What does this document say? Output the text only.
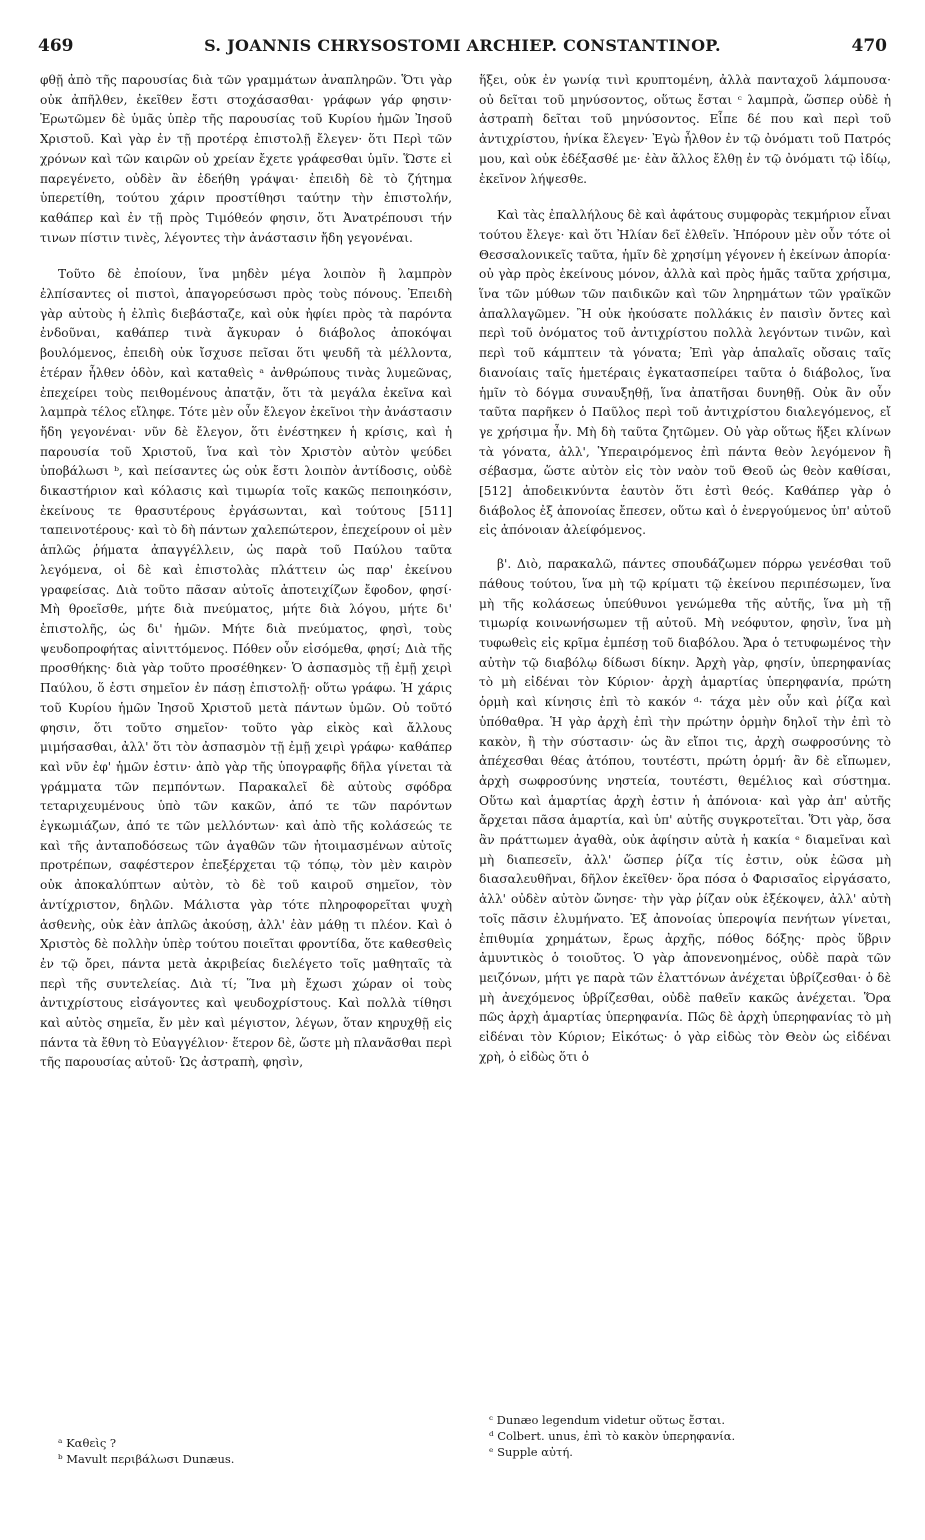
469	S. JOANNIS CHRYSOSTOMI ARCHIEP. CONSTANTINOP.	470

φθῇ ἀπὸ τῆς παρουσίας διὰ τῶν γραμμάτων ἀναπληρῶν. Ὅτι γὰρ οὐκ ἀπῆλθεν, ἐκεῖθεν ἔστι στοχάσασθαι· γράφων γάρ φησιν· Ἐρωτῶμεν δὲ ὑμᾶς ὑπὲρ τῆς παρουσίας τοῦ Κυρίου ἡμῶν Ἰησοῦ Χριστοῦ. Καὶ γὰρ ἐν τῇ προτέρᾳ ἐπιστολῇ ἔλεγεν· ὅτι Περὶ τῶν χρόνων καὶ τῶν καιρῶν οὐ χρείαν ἔχετε γράφεσθαι ὑμῖν. Ὥστε εἰ παρεγένετο, οὐδὲν ἂν ἐδεήθη γράψαι· ἐπειδὴ δὲ τὸ ζήτημα ὑπερετίθη, τούτου χάριν προστίθησι ταύτην τὴν ἐπιστολήν, καθάπερ καὶ ἐν τῇ πρὸς Τιμόθεόν φησιν, ὅτι Ἀνατρέπουσι τήν τινων πίστιν τινὲς, λέγοντες τὴν ἀνάστασιν ἤδη γεγονέναι.

Τοῦτο δὲ ἐποίουν, ἵνα μηδὲν μέγα λοιπὸν ἢ λαμπρὸν ἐλπίσαντες οἱ πιστοὶ, ἀπαγορεύσωσι πρὸς τοὺς πόνους. Ἐπειδὴ γὰρ αὐτοὺς ἡ ἐλπὶς διεβάσταζε, καὶ οὐκ ἠφίει πρὸς τὰ παρόντα ἐνδοῦναι, καθάπερ τινὰ ἄγκυραν ὁ διάβολος ἀποκόψαι βουλόμενος, ἐπειδὴ οὐκ ἴσχυσε πεῖσαι ὅτι ψευδῆ τὰ μέλλοντα, ἑτέραν ἦλθεν ὁδὸν, καὶ καταθεὶς ᵃ ἀνθρώπους τινὰς λυμεῶνας, ἐπεχείρει τοὺς πειθομένους ἀπατᾷν, ὅτι τὰ μεγάλα ἐκεῖνα καὶ λαμπρὰ τέλος εἴληφε. Τότε μὲν οὖν ἔλεγον ἐκεῖνοι τὴν ἀνάστασιν ἤδη γεγονέναι· νῦν δὲ ἔλεγον, ὅτι ἐνέστηκεν ἡ κρίσις, καὶ ἡ παρουσία τοῦ Χριστοῦ, ἵνα καὶ τὸν Χριστὸν αὐτὸν ψεύδει ὑποβάλωσι ᵇ, καὶ πείσαντες ὡς οὐκ ἔστι λοιπὸν ἀντίδοσις, οὐδὲ δικαστήριον καὶ κόλασις καὶ τιμωρία τοῖς κακῶς πεποιηκόσιν, ἐκείνους τε θρασυτέρους ἐργάσωνται, καὶ τούτους [511] ταπεινοτέρους· καὶ τὸ δὴ πάντων χαλεπώτερον, ἐπεχείρουν οἱ μὲν ἁπλῶς ῥήματα ἀπαγγέλλειν, ὡς παρὰ τοῦ Παύλου ταῦτα λεγόμενα, οἱ δὲ καὶ ἐπιστολὰς πλάττειν ὡς παρ' ἐκείνου γραφείσας. Διὰ τοῦτο πᾶσαν αὐτοῖς ἀποτειχίζων ἔφοδον, φησί· Μὴ θροεῖσθε, μήτε διὰ πνεύματος, μήτε διὰ λόγου, μήτε δι' ἐπιστολῆς, ὡς δι' ἡμῶν. Μήτε διὰ πνεύματος, φησὶ, τοὺς ψευδοπροφήτας αἰνιττόμενος. Πόθεν οὖν εἰσόμεθα, φησί; Διὰ τῆς προσθήκης· διὰ γὰρ τοῦτο προσέθηκεν· Ὁ ἀσπασμὸς τῇ ἐμῇ χειρὶ Παύλου, ὅ ἐστι σημεῖον ἐν πάσῃ ἐπιστολῇ· οὕτω γράφω. Ἡ χάρις τοῦ Κυρίου ἡμῶν Ἰησοῦ Χριστοῦ μετὰ πάντων ὑμῶν. Οὐ τοῦτό φησιν, ὅτι τοῦτο σημεῖον· τοῦτο γὰρ εἰκὸς καὶ ἄλλους μιμήσασθαι, ἀλλ' ὅτι τὸν ἀσπασμὸν τῇ ἐμῇ χειρὶ γράφω· καθάπερ καὶ νῦν ἐφ' ἡμῶν ἐστιν· ἀπὸ γὰρ τῆς ὑπογραφῆς δῆλα γίνεται τὰ γράμματα τῶν πεμπόντων. Παρακαλεῖ δὲ αὐτοὺς σφόδρα τεταριχευμένους ὑπὸ τῶν κακῶν, ἀπό τε τῶν παρόντων ἐγκωμιάζων, ἀπό τε τῶν μελλόντων· καὶ ἀπὸ τῆς κολάσεώς τε καὶ τῆς ἀνταποδόσεως τῶν ἀγαθῶν τῶν ἡτοιμασμένων αὐτοῖς προτρέπων, σαφέστερον ἐπεξέρχεται τῷ τόπῳ, τὸν μὲν καιρὸν οὐκ ἀποκαλύπτων αὐτὸν, τὸ δὲ τοῦ καιροῦ σημεῖον, τὸν ἀντίχριστον, δηλῶν. Μάλιστα γὰρ τότε πληροφορεῖται ψυχὴ ἀσθενὴς, οὐκ ἐὰν ἁπλῶς ἀκούσῃ, ἀλλ' ἐὰν μάθῃ τι πλέον. Καὶ ὁ Χριστὸς δὲ πολλὴν ὑπὲρ τούτου ποιεῖται φροντίδα, ὅτε καθεσθεὶς ἐν τῷ ὄρει, πάντα μετὰ ἀκριβείας διελέγετο τοῖς μαθηταῖς τὰ περὶ τῆς συντελείας. Διὰ τί; Ἵνα μὴ ἔχωσι χώραν οἱ τοὺς ἀντιχρίστους εἰσάγοντες καὶ ψευδοχρίστους. Καὶ πολλὰ τίθησι καὶ αὐτὸς σημεῖα, ἔν μὲν καὶ μέγιστον, λέγων, ὅταν κηρυχθῇ εἰς πάντα τὰ ἔθνη τὸ Εὐαγγέλιον· ἕτερον δὲ, ὥστε μὴ πλανᾶσθαι περὶ τῆς παρουσίας αὐτοῦ· Ὡς ἀστραπὴ, φησὶν,

ἥξει, οὐκ ἐν γωνίᾳ τινὶ κρυπτομένη, ἀλλὰ πανταχοῦ λάμπουσα· οὐ δεῖται τοῦ μηνύσοντος, οὕτως ἔσται ᶜ λαμπρὰ, ὥσπερ οὐδὲ ἡ ἀστραπὴ δεῖται τοῦ μηνύσοντος. Εἶπε δέ που καὶ περὶ τοῦ ἀντιχρίστου, ἡνίκα ἔλεγεν· Ἐγὼ ἦλθον ἐν τῷ ὀνόματι τοῦ Πατρός μου, καὶ οὐκ ἐδέξασθέ με· ἐὰν ἄλλος ἔλθῃ ἐν τῷ ὀνόματι τῷ ἰδίῳ, ἐκεῖνον λήψεσθε.

Καὶ τὰς ἐπαλλήλους δὲ καὶ ἀφάτους συμφορὰς τεκμήριον εἶναι τούτου ἔλεγε· καὶ ὅτι Ἠλίαν δεῖ ἐλθεῖν. Ἠπόρουν μὲν οὖν τότε οἱ Θεσσαλονικεῖς ταῦτα, ἡμῖν δὲ χρησίμη γέγονεν ἡ ἐκείνων ἀπορία· οὐ γὰρ πρὸς ἐκείνους μόνον, ἀλλὰ καὶ πρὸς ἡμᾶς ταῦτα χρήσιμα, ἵνα τῶν μύθων τῶν παιδικῶν καὶ τῶν ληρημάτων τῶν γραϊκῶν ἀπαλλαγῶμεν. Ἢ οὐκ ἠκούσατε πολλάκις ἐν παισὶν ὄντες καὶ περὶ τοῦ ὀνόματος τοῦ ἀντιχρίστου πολλὰ λεγόντων τινῶν, καὶ περὶ τοῦ κάμπτειν τὰ γόνατα; Ἐπὶ γὰρ ἁπαλαῖς οὔσαις ταῖς διανοίαις ταῖς ἡμετέραις ἐγκατασπείρει ταῦτα ὁ διάβολος, ἵνα ἡμῖν τὸ δόγμα συναυξηθῇ, ἵνα ἀπατῆσαι δυνηθῇ. Οὐκ ἂν οὖν ταῦτα παρῆκεν ὁ Παῦλος περὶ τοῦ ἀντιχρίστου διαλεγόμενος, εἴ γε χρήσιμα ἦν. Μὴ δὴ ταῦτα ζητῶμεν. Οὐ γὰρ οὕτως ἥξει κλίνων τὰ γόνατα, ἀλλ', Ὑπεραιρόμενος ἐπὶ πάντα θεὸν λεγόμενον ἢ σέβασμα, ὥστε αὐτὸν εἰς τὸν ναὸν τοῦ Θεοῦ ὡς θεὸν καθίσαι, [512] ἀποδεικνύντα ἑαυτὸν ὅτι ἐστὶ θεός. Καθάπερ γὰρ ὁ διάβολος ἐξ ἀπονοίας ἔπεσεν, οὕτω καὶ ὁ ἐνεργούμενος ὑπ' αὐτοῦ εἰς ἀπόνοιαν ἀλείφόμενος.

β'. Διὸ, παρακαλῶ, πάντες σπουδάζωμεν πόρρω γενέσθαι τοῦ πάθους τούτου, ἵνα μὴ τῷ κρίματι τῷ ἐκείνου περιπέσωμεν, ἵνα μὴ τῆς κολάσεως ὑπεύθυνοι γενώμεθα τῆς αὐτῆς, ἵνα μὴ τῇ τιμωρίᾳ κοινωνήσωμεν τῇ αὐτοῦ. Μὴ νεόφυτον, φησὶν, ἵνα μὴ τυφωθεὶς εἰς κρῖμα ἐμπέσῃ τοῦ διαβόλου. Ἄρα ὁ τετυφωμένος τὴν αὐτὴν τῷ διαβόλῳ δίδωσι δίκην. Ἀρχὴ γὰρ, φησίν, ὑπερηφανίας τὸ μὴ εἰδέναι τὸν Κύριον· ἀρχὴ ἁμαρτίας ὑπερηφανία, πρώτη ὁρμὴ καὶ κίνησις ἐπὶ τὸ κακόν ᵈ· τάχα μὲν οὖν καὶ ῥίζα καὶ ὑπόθαθρα. Ἡ γὰρ ἀρχὴ ἐπὶ τὴν πρώτην ὁρμὴν δηλοῖ τὴν ἐπὶ τὸ κακὸν, ἢ τὴν σύστασιν· ὡς ἂν εἴποι τις, ἀρχὴ σωφροσύνης τὸ ἀπέχεσθαι θέας ἀτόπου, τουτέστι, πρώτη ὁρμή· ἂν δὲ εἴπωμεν, ἀρχὴ σωφροσύνης νηστεία, τουτέστι, θεμέλιος καὶ σύστημα. Οὕτω καὶ ἁμαρτίας ἀρχὴ ἐστιν ἡ ἀπόνοια· καὶ γὰρ ἀπ' αὐτῆς ἄρχεται πᾶσα ἁμαρτία, καὶ ὑπ' αὐτῆς συγκροτεῖται. Ὅτι γὰρ, ὅσα ἂν πράττωμεν ἀγαθὰ, οὐκ ἀφίησιν αὐτὰ ἡ κακία ᵉ διαμεῖναι καὶ μὴ διαπεσεῖν, ἀλλ' ὥσπερ ῥίζα τίς ἐστιν, οὐκ ἐῶσα μὴ διασαλευθῆναι, δῆλον ἐκεῖθεν· ὅρα πόσα ὁ Φαρισαῖος εἰργάσατο, ἀλλ' οὐδὲν αὐτὸν ὤνησε· τὴν γὰρ ῥίζαν οὐκ ἐξέκοψεν, ἀλλ' αὐτὴ τοῖς πᾶσιν ἐλυμήνατο. Ἐξ ἀπονοίας ὑπεροψία πενήτων γίνεται, ἐπιθυμία χρημάτων, ἔρως ἀρχῆς, πόθος δόξης· πρὸς ὕβριν ἀμυντικὸς ὁ τοιοῦτος. Ὁ γὰρ ἀπονενοημένος, οὐδὲ παρὰ τῶν μειζόνων, μήτι γε παρὰ τῶν ἐλαττόνων ἀνέχεται ὑβρίζεσθαι· ὁ δὲ μὴ ἀνεχόμενος ὑβρίζεσθαι, οὐδὲ παθεῖν κακῶς ἀνέχεται. Ὅρα πῶς ἀρχὴ ἁμαρτίας ὑπερηφανία. Πῶς δὲ ἀρχὴ ὑπερηφανίας τὸ μὴ εἰδέναι τὸν Κύριον; Εἰκότως· ὁ γὰρ εἰδὼς τὸν Θεὸν ὡς εἰδέναι χρὴ, ὁ εἰδὼς ὅτι ὁ

ᵃ Καθεὶς ?
ᵇ Mavult περιβάλωσι Dunæus.
ᶜ Dunæo legendum videtur οὕτως ἔσται.
ᵈ Colbert. unus, ἐπὶ τὸ κακὸν ὑπερηφανία.
ᵉ Supple αὐτή.
